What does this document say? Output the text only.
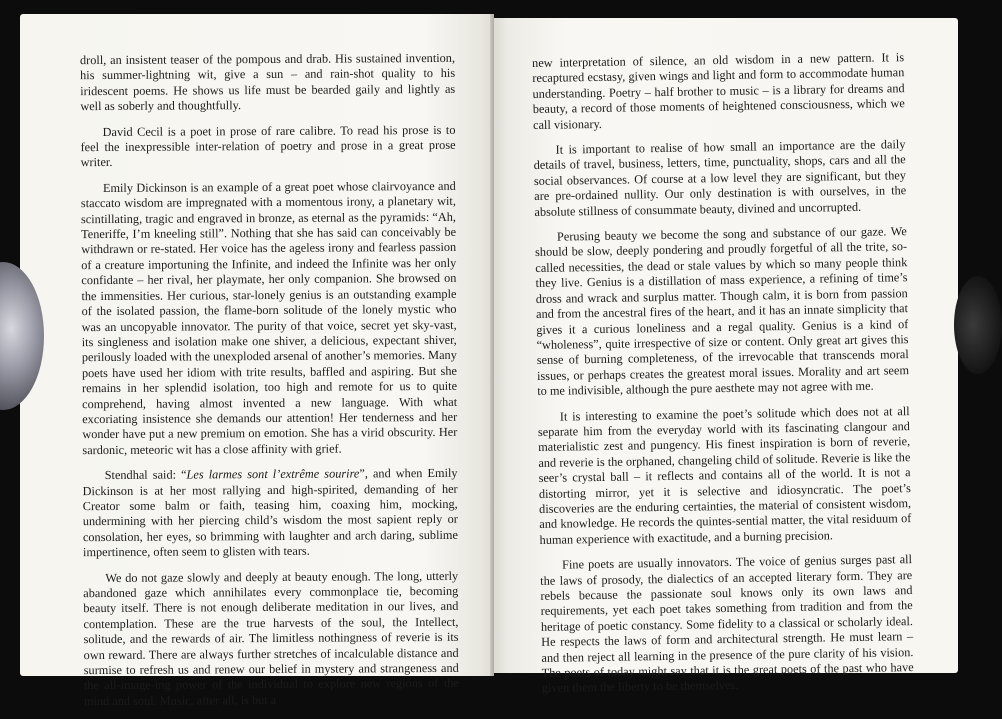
droll, an insistent teaser of the pompous and drab. His sustained invention, his summer-lightning wit, give a sun – and rain-shot quality to his iridescent poems. He shows us life must be bearded gaily and lightly as well as soberly and thoughtfully.

David Cecil is a poet in prose of rare calibre. To read his prose is to feel the inexpressible inter-relation of poetry and prose in a great prose writer.

Emily Dickinson is an example of a great poet whose clairvoyance and staccato wisdom are impregnated with a momentous irony, a planetary wit, scintillating, tragic and engraved in bronze, as eternal as the pyramids: “Ah, Teneriffe, I’m kneeling still”. Nothing that she has said can conceivably be withdrawn or re-stated. Her voice has the ageless irony and fearless passion of a creature importuning the Infinite, and indeed the Infinite was her only confidante – her rival, her playmate, her only companion. She browsed on the immensities. Her curious, star-lonely genius is an outstanding example of the isolated passion, the flame-born solitude of the lonely mystic who was an uncopyable innovator. The purity of that voice, secret yet sky-vast, its singleness and isolation make one shiver, a delicious, expectant shiver, perilously loaded with the unexploded arsenal of another’s memories. Many poets have used her idiom with trite results, baffled and aspiring. But she remains in her splendid isolation, too high and remote for us to quite comprehend, having almost invented a new language. With what excoriating insistence she demands our attention! Her tenderness and her wonder have put a new premium on emotion. She has a virid obscurity. Her sardonic, meteoric wit has a close affinity with grief.

Stendhal said: “Les larmes sont l’extrême sourire”, and when Emily Dickinson is at her most rallying and high-spirited, demanding of her Creator some balm or faith, teasing him, coaxing him, mocking, undermining with her piercing child’s wisdom the most sapient reply or consolation, her eyes, so brimming with laughter and arch daring, sublime impertinence, often seem to glisten with tears.

We do not gaze slowly and deeply at beauty enough. The long, utterly abandoned gaze which annihilates every commonplace tie, becoming beauty itself. There is not enough deliberate meditation in our lives, and contemplation. These are the true harvests of the soul, the Intellect, solitude, and the rewards of air. The limitless nothingness of reverie is its own reward. There are always further stretches of incalculable distance and surmise to refresh us and renew our belief in mystery and strangeness and the all-image-ing power of the individual to explore new regions of the mind and soul. Music, after all, is but a

new interpretation of silence, an old wisdom in a new pattern. It is recaptured ecstasy, given wings and light and form to accommodate human understanding. Poetry – half brother to music – is a library for dreams and beauty, a record of those moments of heightened consciousness, which we call visionary.

It is important to realise of how small an importance are the daily details of travel, business, letters, time, punctuality, shops, cars and all the social observances. Of course at a low level they are significant, but they are pre-ordained nullity. Our only destination is with ourselves, in the absolute stillness of consummate beauty, divined and uncorrupted.

Perusing beauty we become the song and substance of our gaze. We should be slow, deeply pondering and proudly forgetful of all the trite, so-called necessities, the dead or stale values by which so many people think they live. Genius is a distillation of mass experience, a refining of time’s dross and wrack and surplus matter. Though calm, it is born from passion and from the ancestral fires of the heart, and it has an innate simplicity that gives it a curious loneliness and a regal quality. Genius is a kind of “wholeness”, quite irrespective of size or content. Only great art gives this sense of burning completeness, of the irrevocable that transcends moral issues, or perhaps creates the greatest moral issues. Morality and art seem to me indivisible, although the pure aesthete may not agree with me.

It is interesting to examine the poet’s solitude which does not at all separate him from the everyday world with its fascinating clangour and materialistic zest and pungency. His finest inspiration is born of reverie, and reverie is the orphaned, changeling child of solitude. Reverie is like the seer’s crystal ball – it reflects and contains all of the world. It is not a distorting mirror, yet it is selective and idiosyncratic. The poet’s discoveries are the enduring certainties, the material of consistent wisdom, and knowledge. He records the quintes-sential matter, the vital residuum of human experience with exactitude, and a burning precision.

Fine poets are usually innovators. The voice of genius surges past all the laws of prosody, the dialectics of an accepted literary form. They are rebels because the passionate soul knows only its own laws and requirements, yet each poet takes something from tradition and from the heritage of poetic constancy. Some fidelity to a classical or scholarly ideal. He respects the laws of form and architectural strength. He must learn – and then reject all learning in the presence of the pure clarity of his vision. The poets of today might say that it is the great poets of the past who have given them the liberty to be themselves.
